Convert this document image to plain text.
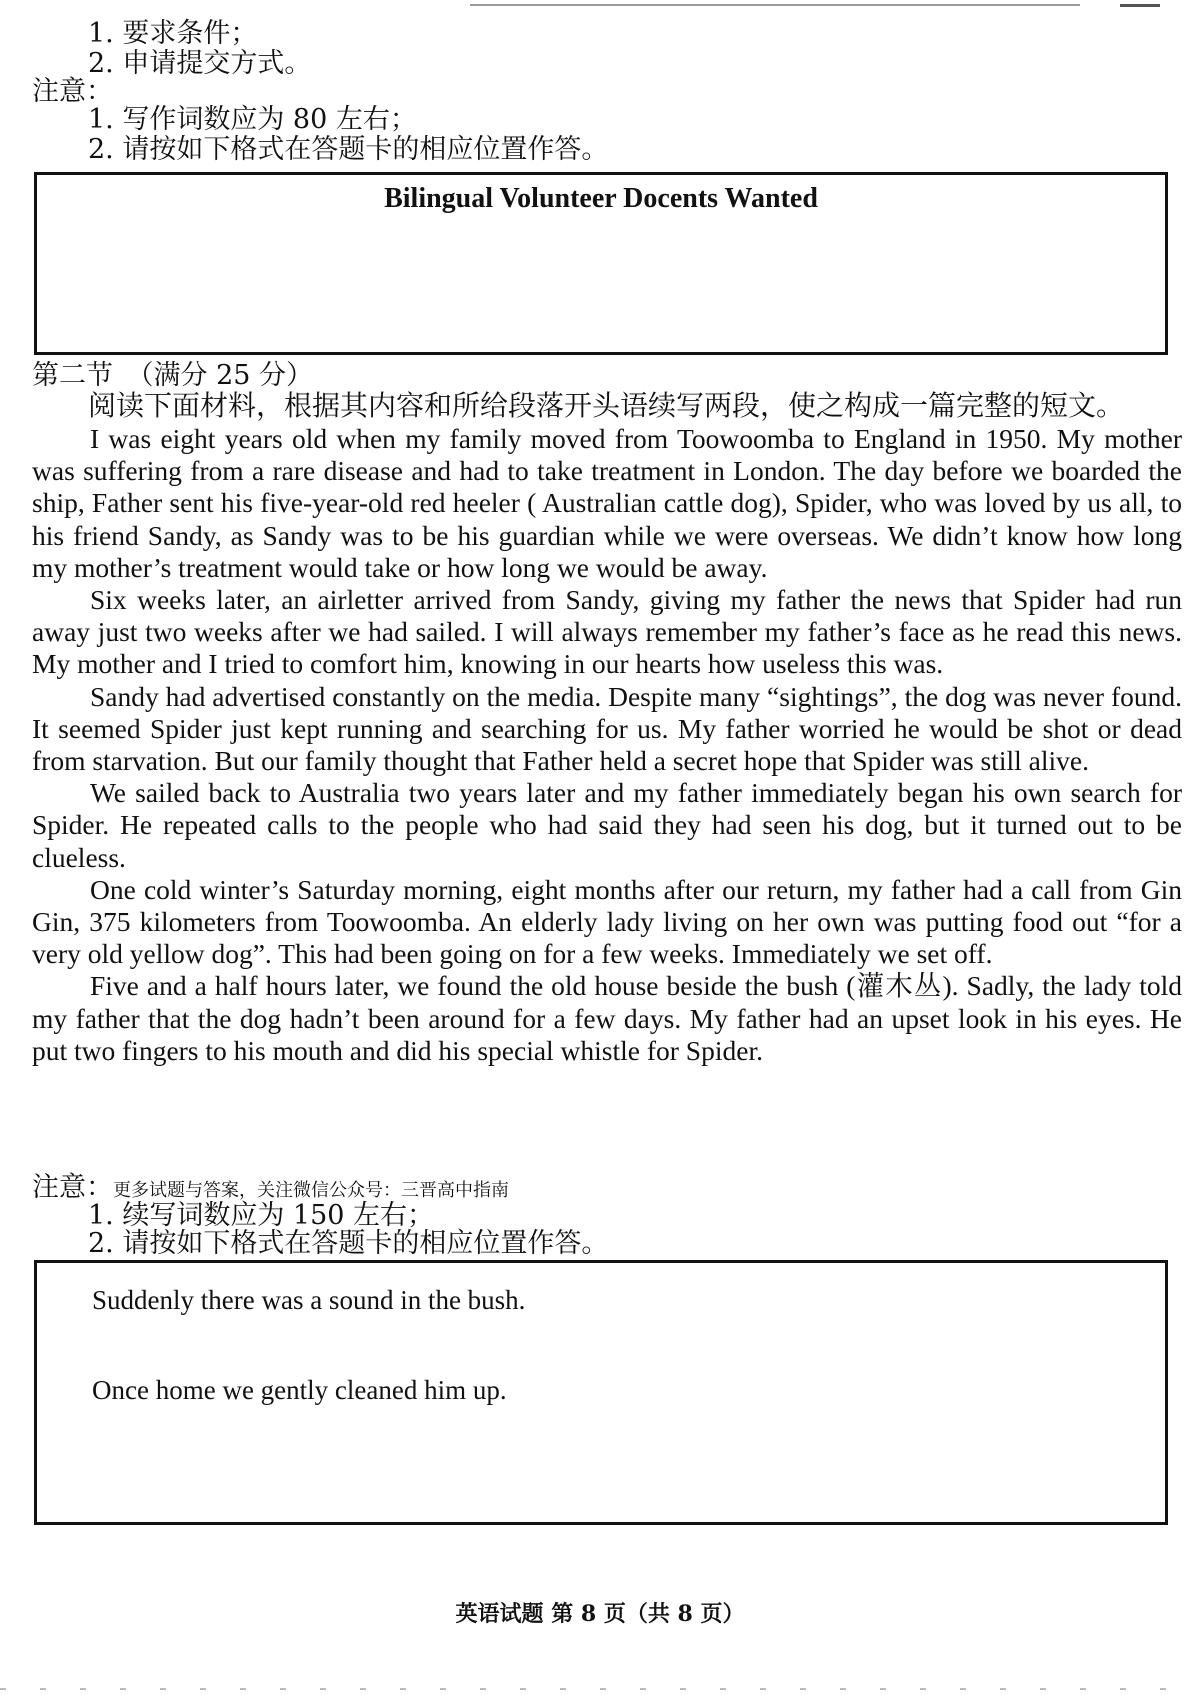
1. 要求条件；
2. 申请提交方式。
注意：
1. 写作词数应为 80 左右；
2. 请按如下格式在答题卡的相应位置作答。
Bilingual Volunteer Docents Wanted
第二节　（满分 25 分）
阅读下面材料，根据其内容和所给段落开头语续写两段，使之构成一篇完整的短文。

I was eight years old when my family moved from Toowoomba to England in 1950. My mother was suffering from a rare disease and had to take treatment in London. The day before we boarded the ship, Father sent his five-year-old red heeler ( Australian cattle dog), Spider, who was loved by us all, to his friend Sandy, as Sandy was to be his guardian while we were overseas. We didn’t know how long my mother’s treatment would take or how long we would be away.

Six weeks later, an airletter arrived from Sandy, giving my father the news that Spider had run away just two weeks after we had sailed. I will always remember my father’s face as he read this news. My mother and I tried to comfort him, knowing in our hearts how useless this was.

Sandy had advertised constantly on the media. Despite many “sightings”, the dog was never found. It seemed Spider just kept running and searching for us. My father worried he would be shot or dead from starvation. But our family thought that Father held a secret hope that Spider was still alive.

We sailed back to Australia two years later and my father immediately began his own search for Spider. He repeated calls to the people who had said they had seen his dog, but it turned out to be clueless.

One cold winter’s Saturday morning, eight months after our return, my father had a call from Gin Gin, 375 kilometers from Toowoomba. An elderly lady living on her own was putting food out “for a very old yellow dog”. This had been going on for a few weeks. Immediately we set off.

Five and a half hours later, we found the old house beside the bush (灌木丛). Sadly, the lady told my father that the dog hadn’t been around for a few days. My father had an upset look in his eyes. He put two fingers to his mouth and did his special whistle for Spider.

注意：更多试题与答案，关注微信公众号：三晋高中指南
1. 续写词数应为 150 左右；
2. 请按如下格式在答题卡的相应位置作答。
Suddenly there was a sound in the bush.
Once home we gently cleaned him up.
英语试题 第 8 页（共 8 页）
